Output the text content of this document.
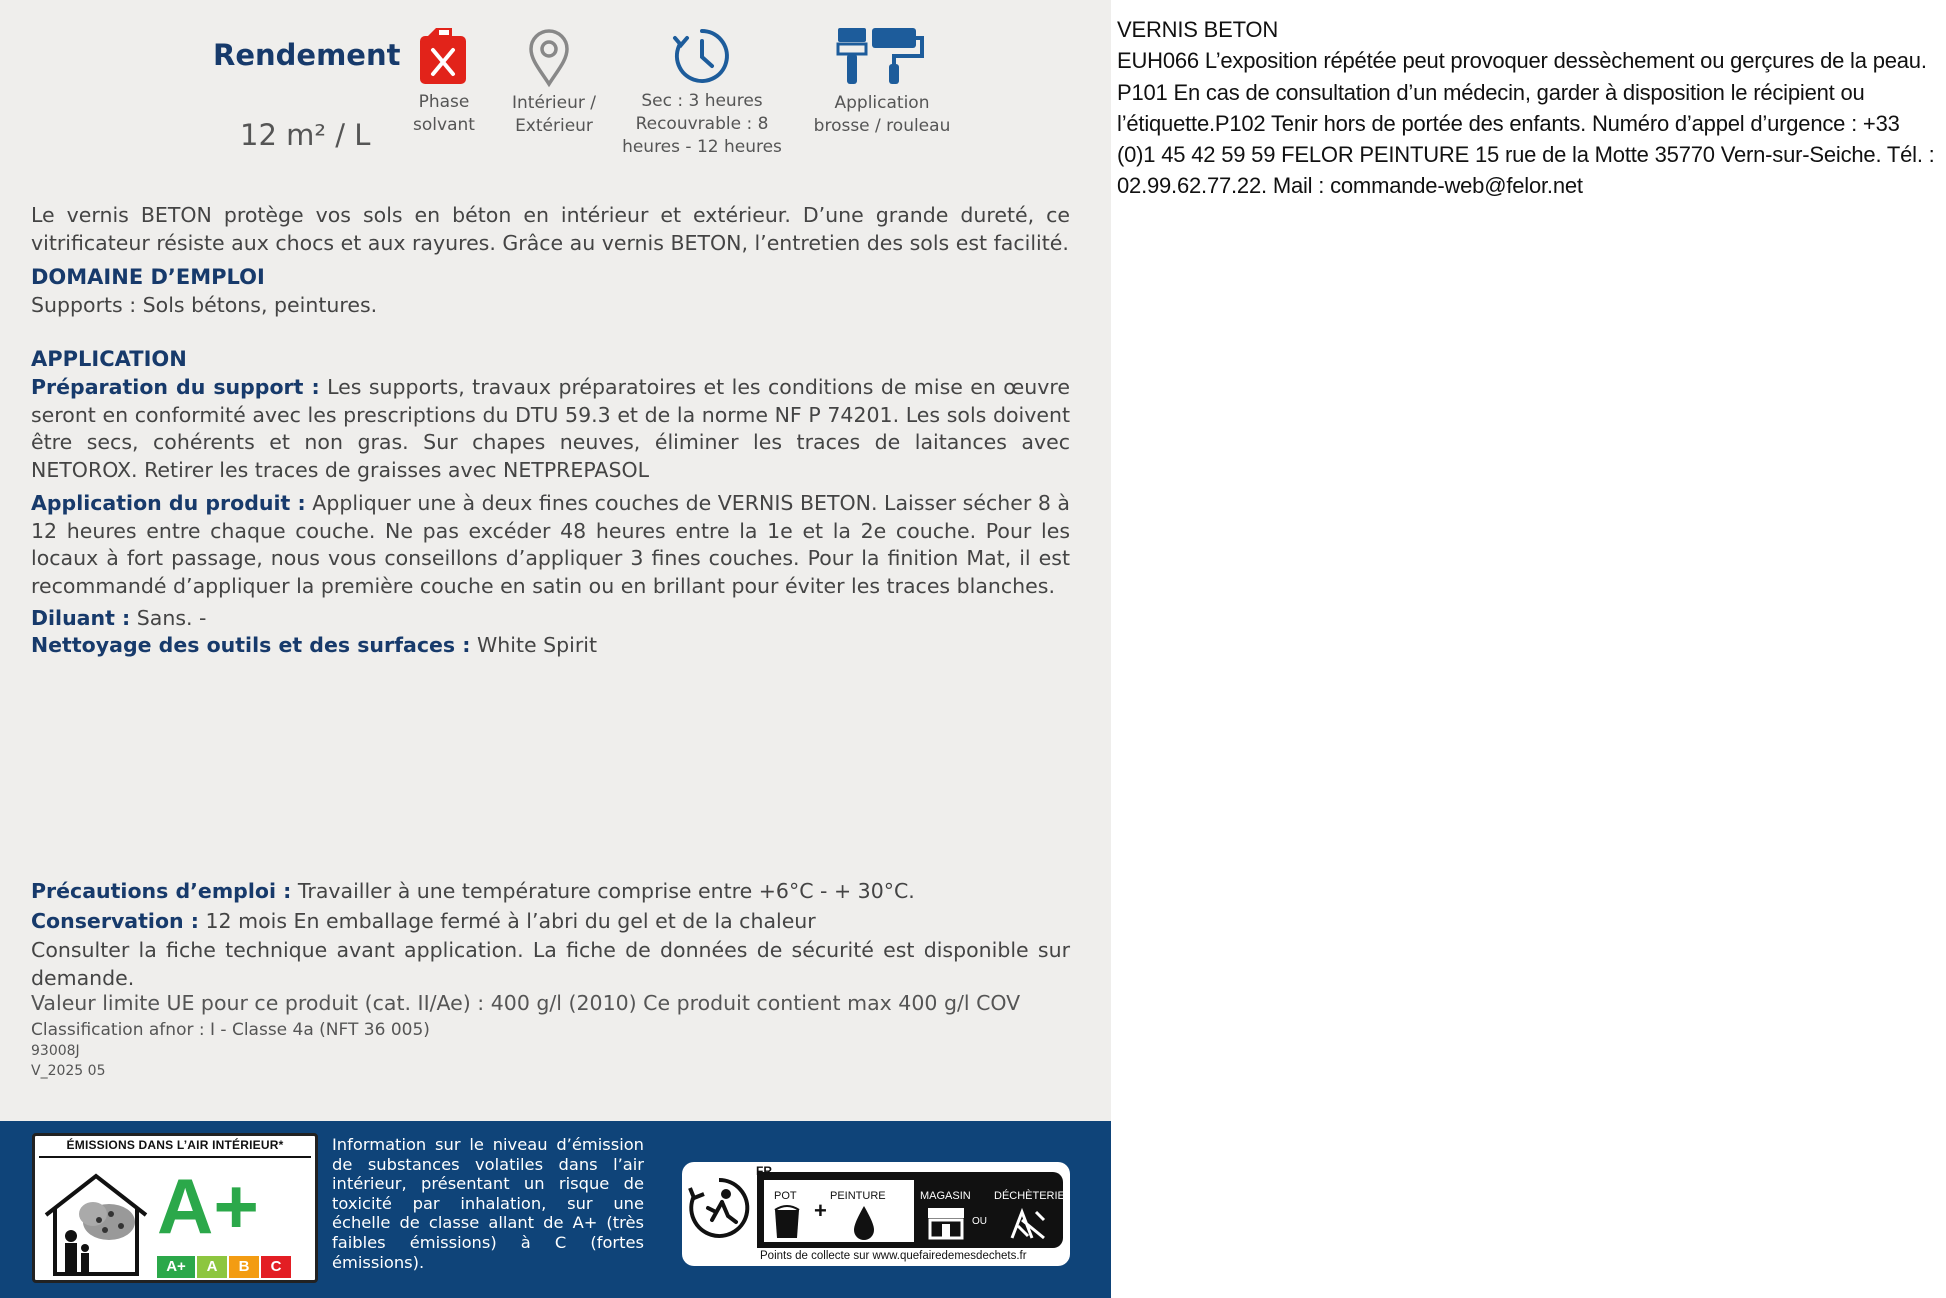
Rendement
12 m² / L
Phase
solvant
Intérieur /
Extérieur
Sec : 3 heures
Recouvrable : 8
heures - 12 heures
Application
brosse / rouleau
Le vernis BETON protège vos sols en béton en intérieur et extérieur. D’une grande dureté, ce vitrificateur résiste aux chocs et aux rayures. Grâce au vernis BETON, l’entretien des sols est facilité.
DOMAINE D’EMPLOI
Supports : Sols bétons, peintures.
APPLICATION
Préparation du support : Les supports, travaux préparatoires et les conditions de mise en œuvre seront en conformité avec les prescriptions du DTU 59.3 et de la norme NF P 74201. Les sols doivent être secs, cohérents et non gras. Sur chapes neuves, éliminer les traces de laitances avec NETOROX. Retirer les traces de graisses avec NETPREPASOL
Application du produit : Appliquer une à deux fines couches de VERNIS BETON. Laisser sécher 8 à 12 heures entre chaque couche. Ne pas excéder 48 heures entre la 1e et la 2e couche. Pour les locaux à fort passage, nous vous conseillons d’appliquer 3 fines couches. Pour la finition Mat, il est recommandé d’appliquer la première couche en satin ou en brillant pour éviter les traces blanches.
Diluant : Sans. -
Nettoyage des outils et des surfaces : White Spirit
Précautions d’emploi : Travailler à une température comprise entre +6°C - + 30°C.
Conservation : 12 mois En emballage fermé à l’abri du gel et de la chaleur
Consulter la fiche technique avant application. La fiche de données de sécurité est disponible sur demande.
Valeur limite UE pour ce produit (cat. II/Ae) : 400 g/l (2010) Ce produit contient max 400 g/l COV
Classification afnor : I - Classe 4a (NFT 36 005)
93008J
V_2025 05
ÉMISSIONS DANS L’AIR INTÉRIEUR*
A+
A+	A	B	C
Information sur le niveau d’émission de substances volatiles dans l’air intérieur, présentant un risque de toxicité par inhalation, sur une échelle de classe allant de A+ (très faibles émissions) à C (fortes émissions).
FR
POT
+
PEINTURE	MAGASIN
OU
DÉCHÈTERIE
Points de collecte sur www.quefairedemesdechets.fr
VERNIS BETON
EUH066 L’exposition répétée peut provoquer dessèchement ou gerçures de la peau. P101 En cas de consultation d’un médecin, garder à disposition le récipient ou l’étiquette.P102 Tenir hors de portée des enfants. Numéro d’appel d’urgence : +33 (0)1 45 42 59 59 FELOR PEINTURE 15 rue de la Motte 35770 Vern-sur-Seiche. Tél. : 02.99.62.77.22. Mail : commande-web@felor.net
